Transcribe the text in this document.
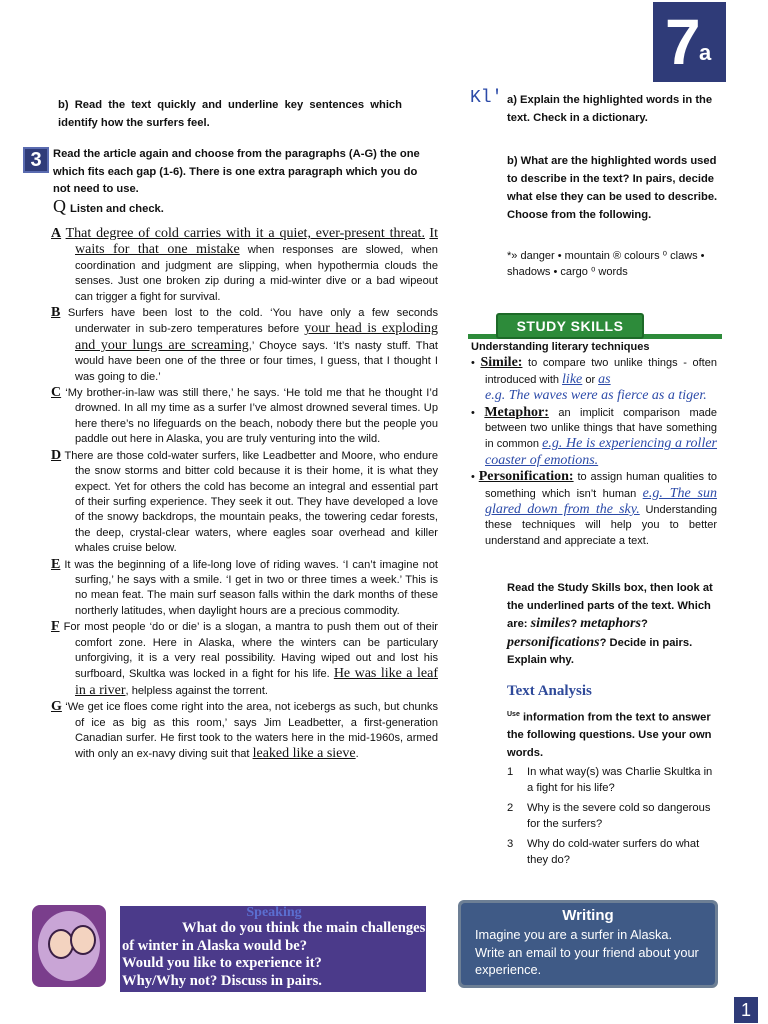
7
a
b) Read the text quickly and underline key sentences which identify how the surfers feel.
3	Read the article again and choose from the paragraphs (A-G) the one which fits each gap (1-6). There is one extra paragraph which you do not need to use.
Q Listen and check.
A That degree of cold carries with it a quiet, ever-present threat. It waits for that one mistake when responses are slowed, when coordination and judgment are slipping, when hypothermia clouds the senses. Just one broken zip during a mid-winter dive or a bad wipeout can trigger a fight for survival.
B Surfers have been lost to the cold. ‘You have only a few seconds underwater in sub-zero temperatures before your head is exploding and your lungs are screaming,’ Choyce says. ‘It’s nasty stuff. That would have been one of the three or four times, I guess, that I thought I was going to die.’
C ‘My brother-in-law was still there,’ he says. ‘He told me that he thought I’d drowned. In all my time as a surfer I’ve almost drowned several times. Up here there’s no lifeguards on the beach, nobody there but the people you paddle out here in Alaska, you are truly venturing into the wild.
D There are those cold-water surfers, like Leadbetter and Moore, who endure the snow storms and bitter cold because it is their home, it is what they expect. Yet for others the cold has become an integral and essential part of their surfing experience. They seek it out. They have developed a love of the snowy backdrops, the mountain peaks, the towering cedar forests, the deep, crystal-clear waters, where eagles soar overhead and killer whales cruise below.
E It was the beginning of a life-long love of riding waves. ‘I can’t imagine not surfing,’ he says with a smile. ‘I get in two or three times a week.’ This is no mean feat. The main surf season falls within the dark months of these northerly latitudes, when daylight hours are a precious commodity.
F For most people ‘do or die’ is a slogan, a mantra to push them out of their comfort zone. Here in Alaska, where the winters can be particulary unforgiving, it is a very real possibility. Having wiped out and lost his surfboard, Skultka was locked in a fight for his life. He was like a leaf in a river, helpless against the torrent.
G ‘We get ice floes come right into the area, not icebergs as such, but chunks of ice as big as this room,’ says Jim Leadbetter, a first-generation Canadian surfer. He first took to the waters here in the mid-1960s, armed with only an ex-navy diving suit that leaked like a sieve.
Kl' a) Explain the highlighted words in the text. Check in a dictionary.
b) What are the highlighted words used to describe in the text? In pairs, decide what else they can be used to describe. Choose from the following.
*» danger • mountain ® colours ⁰ claws • shadows • cargo ⁰ words
STUDY SKILLS
Understanding literary techniques
• Simile: to compare two unlike things - often introduced with like or as
e.g. The waves were as fierce as a tiger.
• Metaphor: an implicit comparison made between two unlike things that have something in common e.g. He is experiencing a roller coaster of emotions.
• Personification: to assign human qualities to something which isn’t human e.g. The sun glared down from the sky. Understanding these techniques will help you to better understand and appreciate a text.
Read the Study Skills box, then look at the underlined parts of the text. Which are: similes? metaphors? personifications? Decide in pairs. Explain why.
Text Analysis
$^{Use}$ information from the text to answer the following questions. Use your own words.
1 In what way(s) was Charlie Skultka in a fight for his life?
2 Why is the severe cold so dangerous for the surfers?
3 Why do cold-water surfers do what they do?
Speaking
What do you think the main challenges of winter in Alaska would be?
Would you like to experience it?
Why/Why not? Discuss in pairs.
Writing
Imagine you are a surfer in Alaska. Write an email to your friend about your experience.
1
